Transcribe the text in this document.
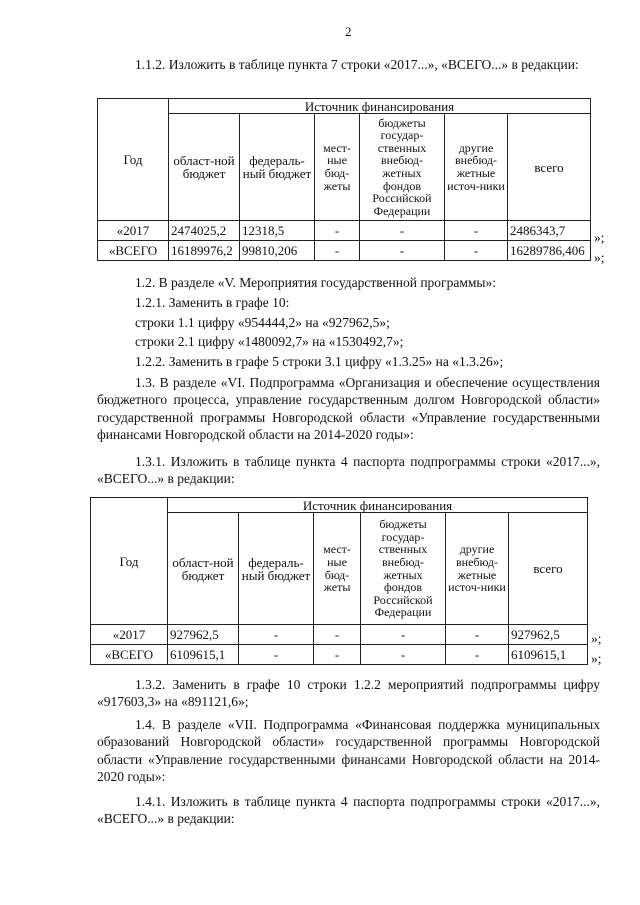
2
1.1.2. Изложить в таблице пункта 7 строки «2017...», «ВСЕГО...» в редакции:
Год	Источник финансирования					
	област-ной бюджет	федераль-ный бюджет	мест-ные бюд-жеты	бюджеты государ-ственных внебюд-жетных фондов Российской Федерации	другие внебюд-жетные источ-ники	всего
«2017	2474025,2	12318,5	-	-	-	2486343,7
«ВСЕГО	16189976,2	99810,206	-	-	-	16289786,406
»;
»;
1.2. В разделе «V. Мероприятия государственной программы»:
1.2.1. Заменить в графе 10:
строки 1.1 цифру «954444,2» на «927962,5»;
строки 2.1 цифру «1480092,7» на «1530492,7»;
1.2.2. Заменить в графе 5 строки 3.1 цифру «1.3.25» на «1.3.26»;
1.3. В разделе «VI. Подпрограмма «Организация и обеспечение осуществления бюджетного процесса, управление государственным долгом Новгородской области» государственной программы Новгородской области «Управление государственными финансами Новгородской области на 2014-2020 годы»:
1.3.1. Изложить в таблице пункта 4 паспорта подпрограммы строки «2017...», «ВСЕГО...» в редакции:
Год	Источник финансирования					
	област-ной бюджет	федераль-ный бюджет	мест-ные бюд-жеты	бюджеты государ-ственных внебюд-жетных фондов Российской Федерации	другие внебюд-жетные источ-ники	всего
«2017	927962,5	-	-	-	-	927962,5
«ВСЕГО	6109615,1	-	-	-	-	6109615,1
»;
»;
1.3.2. Заменить в графе 10 строки 1.2.2 мероприятий подпрограммы цифру «917603,3» на «891121,6»;
1.4. В разделе «VII. Подпрограмма «Финансовая поддержка муниципальных образований Новгородской области» государственной программы Новгородской области «Управление государственными финансами Новгородской области на 2014-2020 годы»:
1.4.1. Изложить в таблице пункта 4 паспорта подпрограммы строки «2017...», «ВСЕГО...» в редакции:
